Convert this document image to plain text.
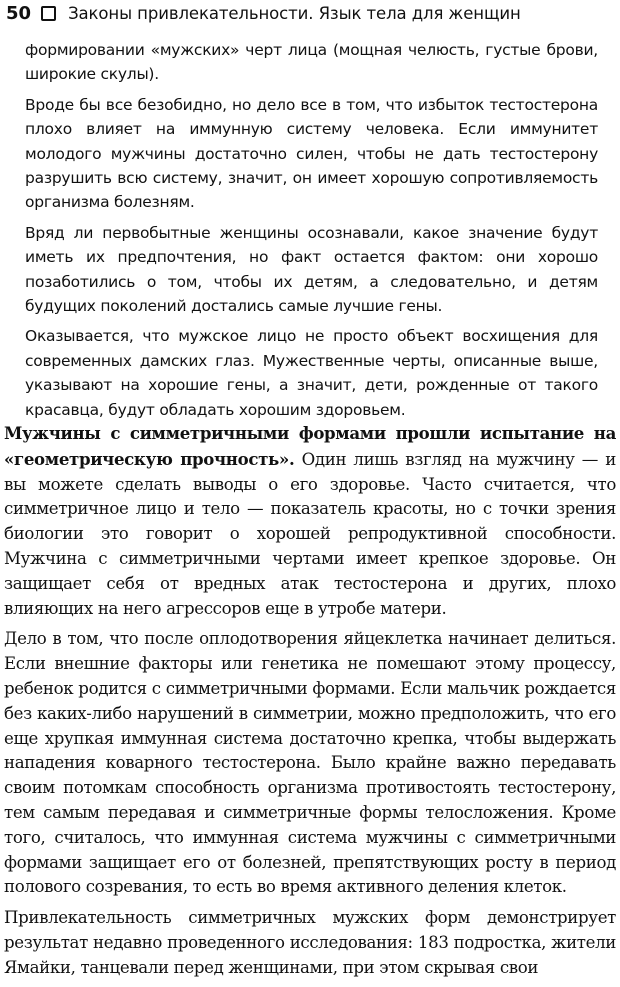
50 Законы привлекательности. Язык тела для женщин

формировании «мужских» черт лица (мощная челюсть, густые брови, широкие скулы).

Вроде бы все безобидно, но дело все в том, что избыток тестостерона плохо влияет на иммунную систему человека. Если иммунитет молодого мужчины достаточно силен, чтобы не дать тестостерону разрушить всю систему, значит, он имеет хорошую сопротивляемость организма болезням.

Вряд ли первобытные женщины осознавали, какое значение будут иметь их предпочтения, но факт остается фактом: они хорошо позаботились о том, чтобы их детям, а следовательно, и детям будущих поколений достались самые лучшие гены.

Оказывается, что мужское лицо не просто объект восхищения для современных дамских глаз. Мужественные черты, описанные выше, указывают на хорошие гены, а значит, дети, рожденные от такого красавца, будут обладать хорошим здоровьем.

Мужчины с симметричными формами прошли испытание на «геометрическую прочность». Один лишь взгляд на мужчину — и вы можете сделать выводы о его здоровье. Часто считается, что симметричное лицо и тело — показатель красоты, но с точки зрения биологии это говорит о хорошей репродуктивной способности. Мужчина с симметричными чертами имеет крепкое здоровье. Он защищает себя от вредных атак тестостерона и других, плохо влияющих на него агрессоров еще в утробе матери.

Дело в том, что после оплодотворения яйцеклетка начинает делиться. Если внешние факторы или генетика не помешают этому процессу, ребенок родится с симметричными формами. Если мальчик рождается без каких-либо нарушений в симметрии, можно предположить, что его еще хрупкая иммунная система достаточно крепка, чтобы выдержать нападения коварного тестостерона. Было крайне важно передавать своим потомкам способность организма противостоять тестостерону, тем самым передавая и симметричные формы телосложения. Кроме того, считалось, что иммунная система мужчины с симметричными формами защищает его от болезней, препятствующих росту в период полового созревания, то есть во время активного деления клеток.

Привлекательность симметричных мужских форм демонстрирует результат недавно проведенного исследования: 183 подростка, жители Ямайки, танцевали перед женщинами, при этом скрывая свои
